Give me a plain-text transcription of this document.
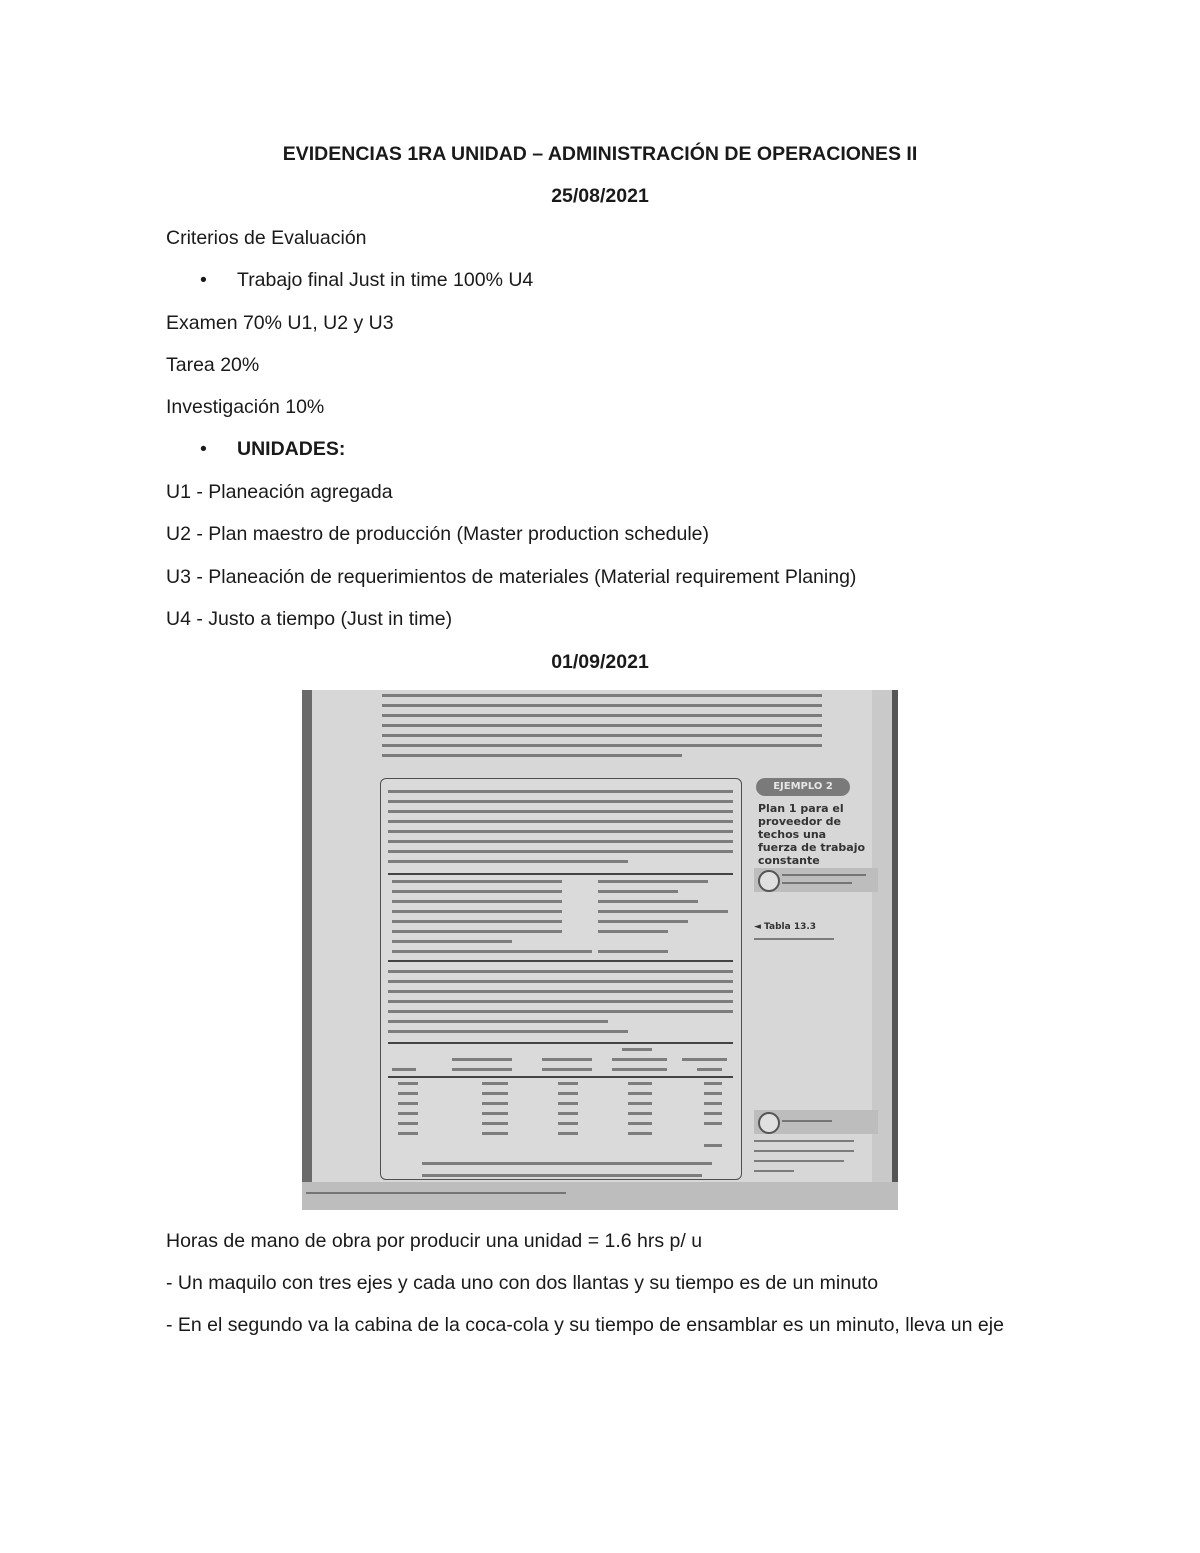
EVIDENCIAS 1RA UNIDAD – ADMINISTRACIÓN DE OPERACIONES II
25/08/2021
Criterios de Evaluación
• Trabajo final Just in time 100% U4
Examen 70% U1, U2 y U3
Tarea 20%
Investigación 10%
• UNIDADES:
U1 - Planeación agregada
U2 - Plan maestro de producción (Master production schedule)
U3 - Planeación de requerimientos de materiales (Material requirement Planing)
U4 - Justo a tiempo (Just in time)
01/09/2021
EJEMPLO 2
Plan 1 para el proveedor de techos una fuerza de trabajo constante
◄ Tabla 13.3
Horas de mano de obra por producir una unidad = 1.6 hrs p/ u
- Un maquilo con tres ejes y cada uno con dos llantas y su tiempo es de un minuto
- En el segundo va la cabina de la coca-cola y su tiempo de ensamblar es un minuto, lleva un eje
